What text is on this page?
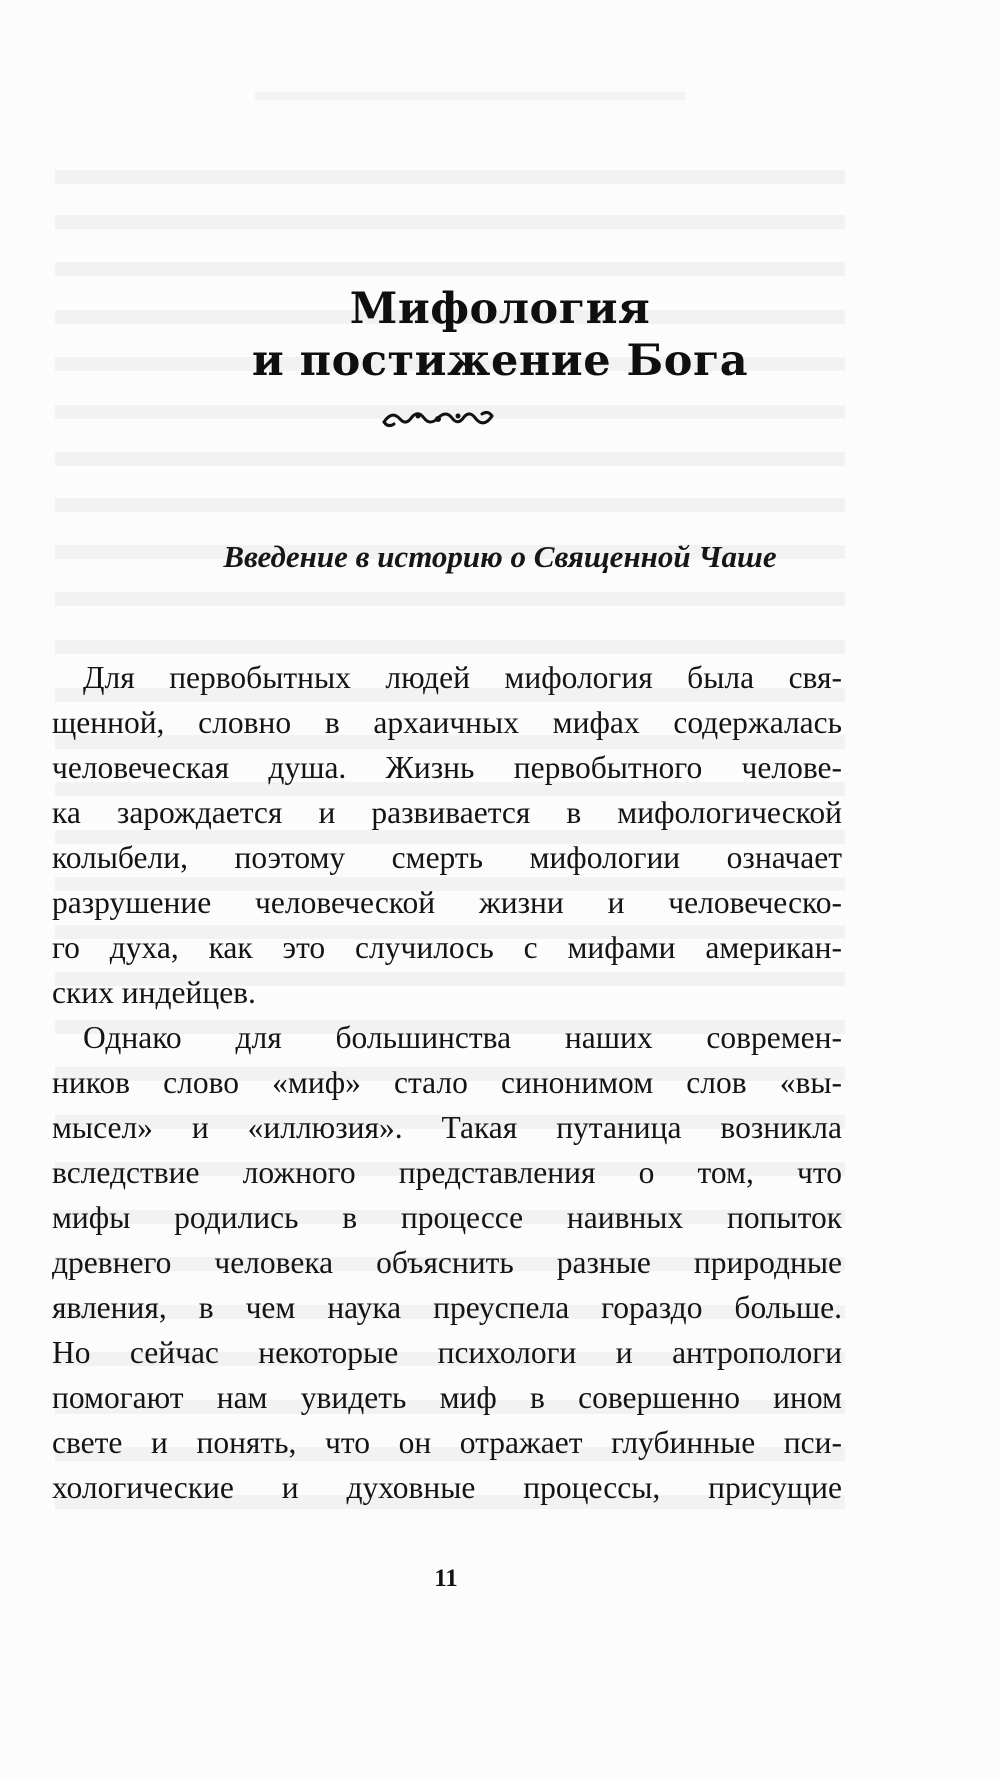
Мифология
и постижение Бога
Введение в историю о Священной Чаше
Для первобытных людей мифология была свя-
щенной, словно в архаичных мифах содержалась
человеческая душа. Жизнь первобытного челове-
ка зарождается и развивается в мифологической
колыбели, поэтому смерть мифологии означает
разрушение человеческой жизни и человеческо-
го духа, как это случилось с мифами американ-
ских индейцев.
Однако для большинства наших современ-
ников слово «миф» стало синонимом слов «вы-
мысел» и «иллюзия». Такая путаница возникла
вследствие ложного представления о том, что
мифы родились в процессе наивных попыток
древнего человека объяснить разные природные
явления, в чем наука преуспела гораздо больше.
Но сейчас некоторые психологи и антропологи
помогают нам увидеть миф в совершенно ином
свете и понять, что он отражает глубинные пси-
хологические и духовные процессы, присущие
11
